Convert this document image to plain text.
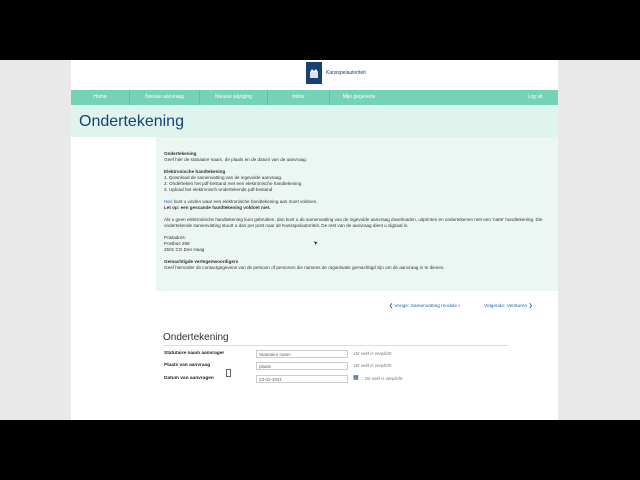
Kansspelautoriteit
Home	Nieuwe aanvraag	Nieuwe wijziging	Inbox	Mijn gegevens	Log uit
Ondertekening

Ondertekening

Geef hier de statutaire naam, de plaats en de datum van de aanvraag.

Elektronische handtekening

1. Download de samenvatting van de ingevulde aanvraag.

2. Onderteken het pdf-bestand met een elektronische handtekening

3. Upload het elektronisch-ondertekende pdf-bestand

Hier kunt u vinden waar een elektronische handtekening aan moet voldoen.

Let op: een gescande handtekening voldoet niet.

Als u geen elektronische handtekening kunt gebruiken, dan kunt u de samenvatting van de ingevulde aanvraag downloaden, uitprinten en ondertekenen met een 'natte' handtekening. Die ondertekende samenvatting stuurt u dan per post naar de Kansspelautoriteit. De rest van de aanvraag dient u digitaal in.

Postadres:

Postbus 298

2501 CG Den Haag

Gemachtigde vertegenwoordigers

Geef hieronder de contactgegevens van de persoon of personen die namens de organisatie gemachtigd zijn om de aanvraag in te dienen.

❮ Vorige: Samenvatting module I	Volgende: Versturen ❯
Ondertekening
Statutaire naam aanvrager	Statutaire naam	Dit veld is verplicht
Plaats van aanvraag	plaats	Dit veld is verplicht
Datum van aanvragen	23-02-2021	▦ Dit veld is verplicht
